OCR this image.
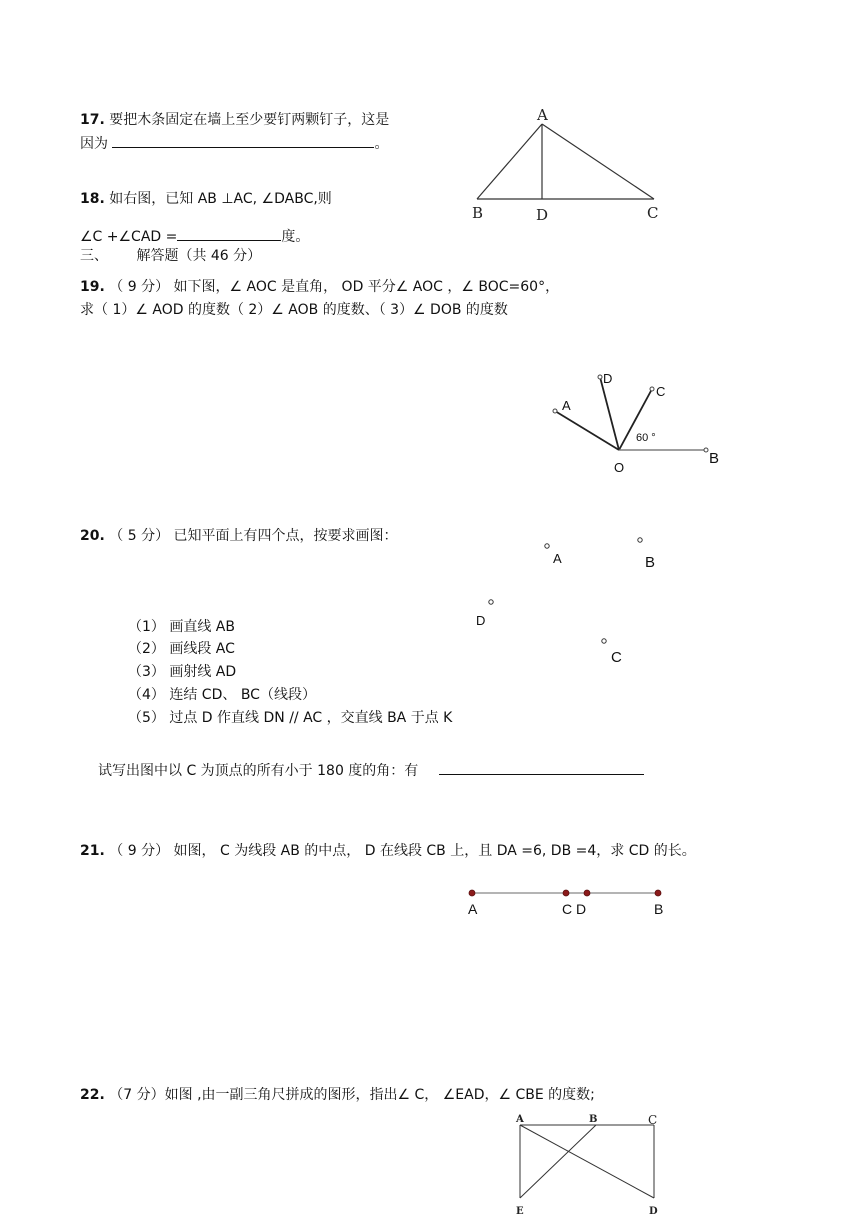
17. 要把木条固定在墙上至少要钉两颗钉子，这是
因为	。
A
B	D	C
18. 如右图，已知 AB ⊥AC, ∠DABC,则
∠C +∠CAD =	度。
三、 解答题（共 46 分）
19. （ 9 分） 如下图，∠ AOC 是直角， OD 平分∠ AOC ，∠ BOC=60°，
求（ 1）∠ AOD 的度数（ 2）∠ AOB 的度数、（ 3）∠ DOB 的度数
D
C
A
60 °
O
B
20. （ 5 分） 已知平面上有四个点，按要求画图：
（1） 画直线 AB
（2） 画线段 AC
（3） 画射线 AD
（4） 连结 CD、 BC（线段）
（5） 过点 D 作直线 DN // AC ，交直线 BA 于点 K
试写出图中以 C 为顶点的所有小于 180 度的角：有
A	B
D
C
21. （ 9 分） 如图， C 为线段 AB 的中点， D 在线段 CB 上，且 DA =6, DB =4，求 CD 的长。
A	C D	B
22. （7 分）如图 ,由一副三角尺拼成的图形，指出∠ C， ∠EAD，∠ CBE 的度数;
A	B	C
E	D
